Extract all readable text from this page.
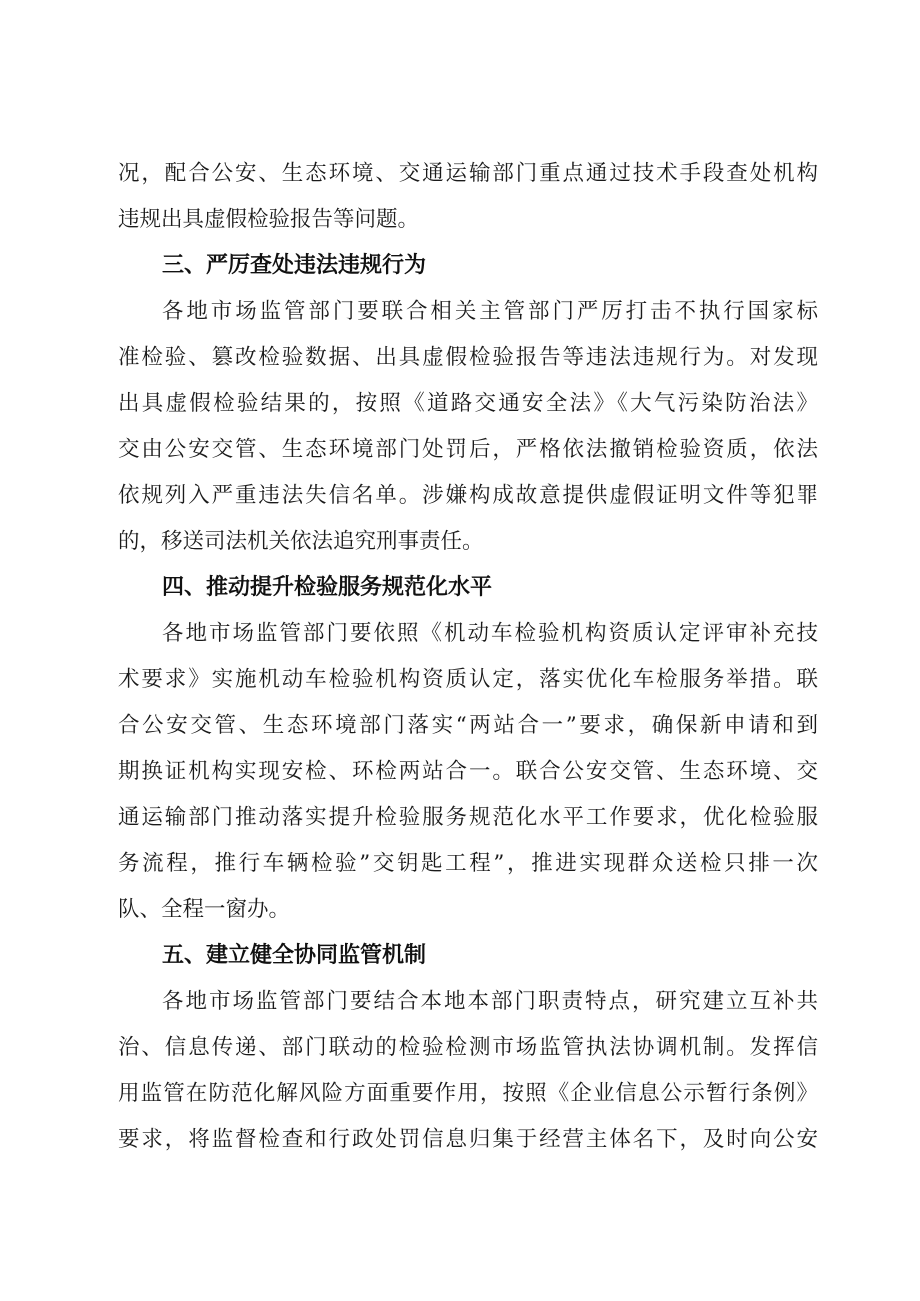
况，配合公安、生态环境、交通运输部门重点通过技术手段查处机构
违规出具虚假检验报告等问题。
三、严厉查处违法违规行为
各地市场监管部门要联合相关主管部门严厉打击不执行国家标
准检验、篡改检验数据、出具虚假检验报告等违法违规行为。对发现
出具虚假检验结果的，按照《道路交通安全法》《大气污染防治法》
交由公安交管、生态环境部门处罚后，严格依法撤销检验资质，依法
依规列入严重违法失信名单。涉嫌构成故意提供虚假证明文件等犯罪
的，移送司法机关依法追究刑事责任。
四、推动提升检验服务规范化水平
各地市场监管部门要依照《机动车检验机构资质认定评审补充技
术要求》实施机动车检验机构资质认定，落实优化车检服务举措。联
合公安交管、生态环境部门落实“两站合一”要求，确保新申请和到
期换证机构实现安检、环检两站合一。联合公安交管、生态环境、交
通运输部门推动落实提升检验服务规范化水平工作要求，优化检验服
务流程，推行车辆检验”交钥匙工程”，推进实现群众送检只排一次
队、全程一窗办。
五、建立健全协同监管机制
各地市场监管部门要结合本地本部门职责特点，研究建立互补共
治、信息传递、部门联动的检验检测市场监管执法协调机制。发挥信
用监管在防范化解风险方面重要作用，按照《企业信息公示暂行条例》
要求，将监督检查和行政处罚信息归集于经营主体名下，及时向公安
